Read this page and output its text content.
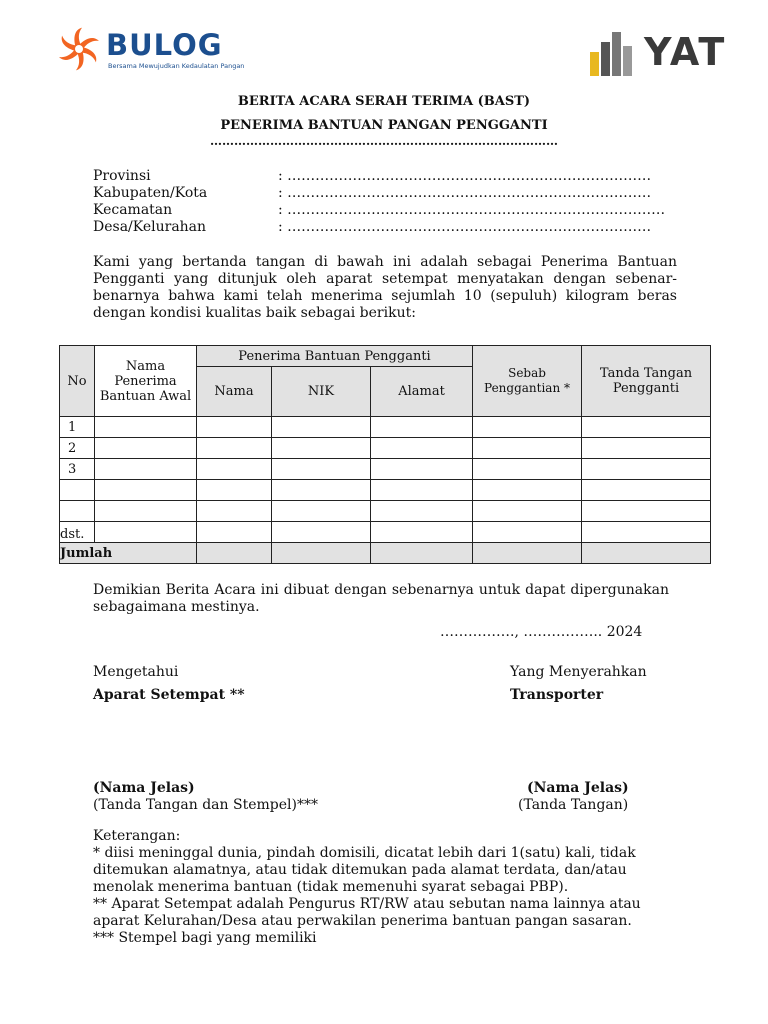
BULOG
Bersama Mewujudkan Kedaulatan Pangan	YAT
BERITA ACARA SERAH TERIMA (BAST)
PENERIMA BANTUAN PANGAN PENGGANTI
……………………………………………………………………………
Provinsi	: ……………………………………………………………………
Kabupaten/Kota	: ……………………………………………………………………
Kecamatan	: ………………………………………………………………………
Desa/Kelurahan	: ……………………………………………………………………

Kami yang bertanda tangan di bawah ini adalah sebagai Penerima Bantuan Pengganti yang ditunjuk oleh aparat setempat menyatakan dengan sebenar-benarnya bahwa kami telah menerima sejumlah 10 (sepuluh) kilogram beras dengan kondisi kualitas baik sebagai berikut:

No	Nama Penerima Bantuan Awal	Penerima Bantuan Pengganti			Sebab Penggantian *	Tanda Tangan Pengganti
		Nama	NIK	Alamat		
1						
2						
3						

dst.						
Jumlah						

Demikian Berita Acara ini dibuat dengan sebenarnya untuk dapat dipergunakan sebagaimana mestinya.

……………., …………….. 2024
Mengetahui
Aparat Setempat **
(Nama Jelas)
(Tanda Tangan dan Stempel)***
Yang Menyerahkan
Transporter
(Nama Jelas)
(Tanda Tangan)

Keterangan:

* diisi meninggal dunia, pindah domisili, dicatat lebih dari 1(satu) kali, tidak ditemukan alamatnya, atau tidak ditemukan pada alamat terdata, dan/atau menolak menerima bantuan (tidak memenuhi syarat sebagai PBP).

** Aparat Setempat adalah Pengurus RT/RW atau sebutan nama lainnya atau aparat Kelurahan/Desa atau perwakilan penerima bantuan pangan sasaran.

*** Stempel bagi yang memiliki
